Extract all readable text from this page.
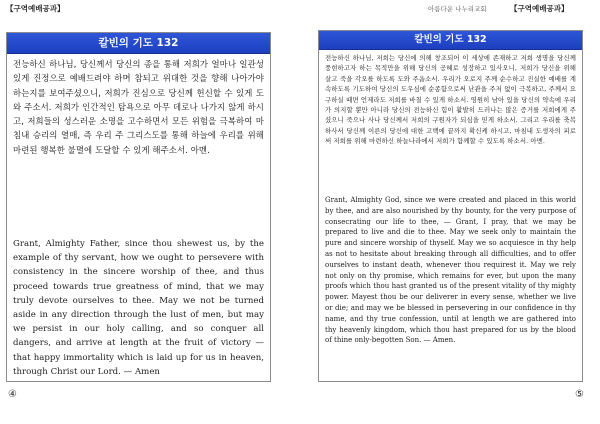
【구역예배공과】
칼빈의 기도 132

전능하신 하나님, 당신께서 당신의 종을 통해 저희가 얼마나 일관성 있게 진정으로 예배드려야 하며 참되고 위대한 것을 향해 나아가야 하는지를 보여주셨으니, 저희가 진심으로 당신께 헌신할 수 있게 도와 주소서. 저희가 인간적인 탐욕으로 아무 데로나 나가지 않게 하시고, 저희들의 성스러운 소명을 고수하면서 모든 위험을 극복하여 마침내 승리의 열매, 즉 우리 주 그리스도를 통해 하늘에 우리를 위해 마련된 행복한 불멸에 도달할 수 있게 해주소서. 아멘.

Grant, Almighty Father, since thou shewest us, by the example of thy servant, how we ought to persevere with consistency in the sincere worship of thee, and thus proceed towards true greatness of mind, that we may truly devote ourselves to thee. May we not be turned aside in any direction through the lust of men, but may we persist in our holy calling, and so conquer all dangers, and arrive at length at the fruit of victory — that happy immortality which is laid up for us in heaven, through Christ our Lord. — Amen

④
아름다운 나누리교회	【구역예배공과】
칼빈의 기도 132

전능하신 하나님, 저희는 당신에 의해 창조되어 이 세상에 존재하고 저희 생명을 당신께 풍현하고자 하는 목적만을 위해 당신의 공혜로 성장하고 있사오니, 저희가 당신을 위해 살고 죽을 각오를 하도록 도와 주옵소서. 우리가 오로지 주께 순수하고 진실한 예배를 계속하도록 기도하여 당신의 도우심에 순종함으로써 난관을 주저 없이 극복하고, 주께서 요구하실 때면 언제라도 저희를 바칠 수 있게 하소서. 영원히 남아 있을 당신의 약속에 우리가 의지할 뿐만 아니라 당신의 전능하신 힘이 활발히 드러나는 많은 증거를 저희에게 주셨으니 죽으나 사나 당신께서 저희의 구원자가 되심을 믿게 하소서. 그리고 우리를 축복하사서 당신께 이른의 당신에 대한 고백에 끝까지 확신케 하시고, 마침내 도생자의 피로써 저희를 위해 마련하신 하늘나라에서 저희가 함께할 수 있도록 하소서. 아멘.

Grant, Almighty God, since we were created and placed in this world by thee, and are also nourished by thy bounty, for the very purpose of consecrating our life to thee, — Grant, I pray, that we may be prepared to live and die to thee. May we seek only to maintain the pure and sincere worship of thyself. May we so acquiesce in thy help as not to hesitate about breaking through all difficulties, and to offer ourselves to instant death, whenever thou requirest it. May we rely not only on thy promise, which remains for ever, but upon the many proofs which thou hast granted us of the present vitality of thy mighty power. Mayest thou be our deliverer in every sense, whether we live or die; and may we be blessed in persevering in our confidence in thy name, and thy true confession, until at length we are gathered into thy heavenly kingdom, which thou hast prepared for us by the blood of thine only-begotten Son. — Amen.

⑤
